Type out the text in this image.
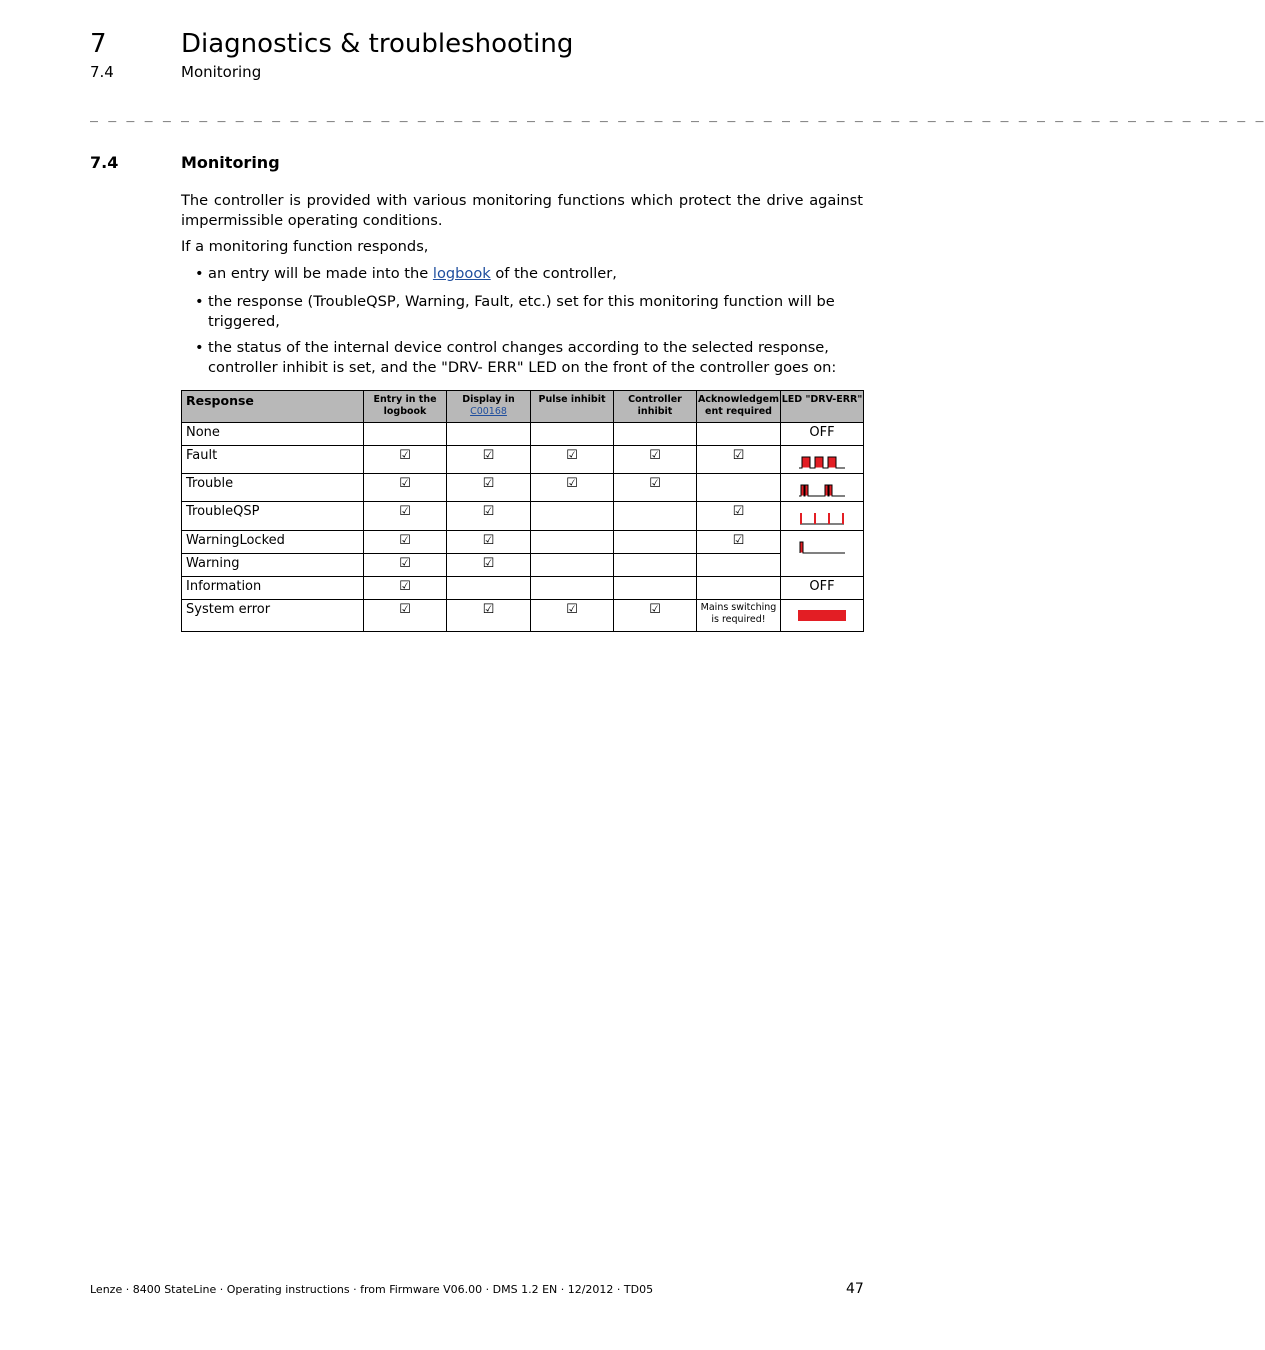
7	Diagnostics & troubleshooting
7.4	Monitoring
_ _ _ _ _ _ _ _ _ _ _ _ _ _ _ _ _ _ _ _ _ _ _ _ _ _ _ _ _ _ _ _ _ _ _ _ _ _ _ _ _ _ _ _ _ _ _ _ _ _ _ _ _ _ _ _ _ _ _ _ _ _ _ _ _
7.4	Monitoring

The controller is provided with various monitoring functions which protect the drive against impermissible operating conditions.

If a monitoring function responds,
• an entry will be made into the logbook of the controller,
• the response (TroubleQSP, Warning, Fault, etc.) set for this monitoring function will be triggered,
• the status of the internal device control changes according to the selected response, controller inhibit is set, and the "DRV- ERR" LED on the front of the controller goes on:
Response	Entry in the logbook	Display in
C00168	Pulse inhibit	Controller inhibit	Acknowledgem ent required	LED "DRV-ERR"
None						OFF
Fault	☑	☑	☑	☑	☑	

Trouble	☑	☑	☑	☑		

TroubleQSP	☑	☑			☑	

WarningLocked	☑	☑			☑	

Warning	☑	☑				
Information	☑					OFF
System error	☑	☑	☑	☑	Mains switching is required!	
Lenze · 8400 StateLine · Operating instructions · from Firmware V06.00 · DMS 1.2 EN · 12/2012 · TD05	47
